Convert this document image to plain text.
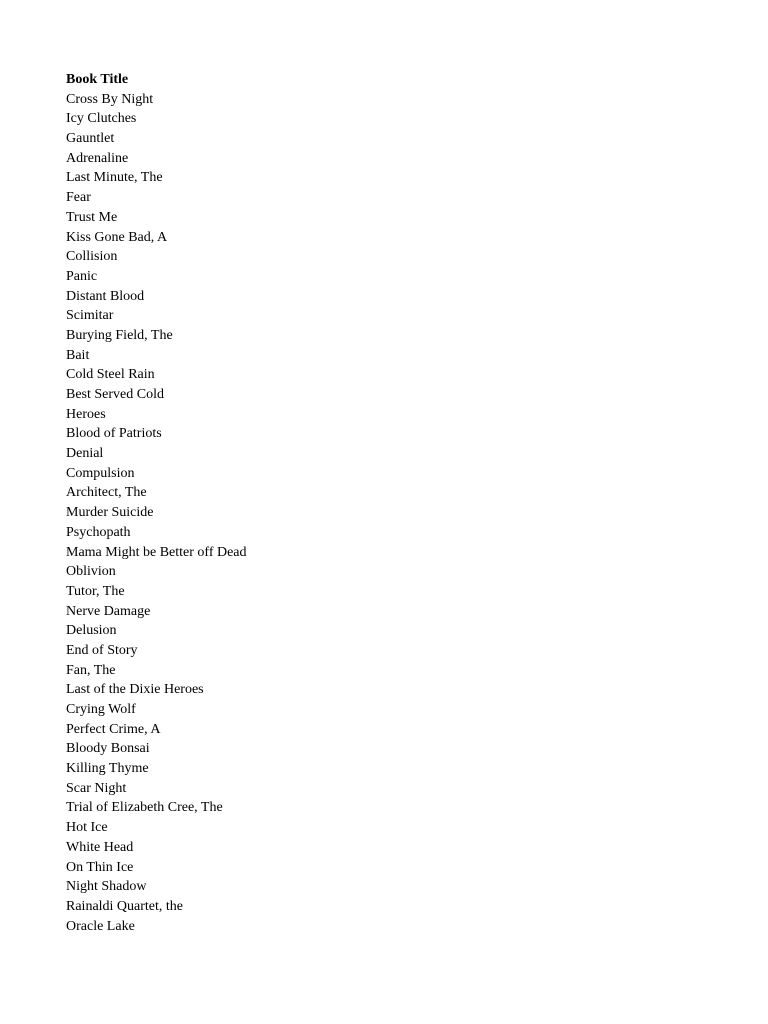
Book Title
Cross By Night
Icy Clutches
Gauntlet
Adrenaline
Last Minute, The
Fear
Trust Me
Kiss Gone Bad, A
Collision
Panic
Distant Blood
Scimitar
Burying Field, The
Bait
Cold Steel Rain
Best Served Cold
Heroes
Blood of Patriots
Denial
Compulsion
Architect, The
Murder Suicide
Psychopath
Mama Might be Better off Dead
Oblivion
Tutor, The
Nerve Damage
Delusion
End of Story
Fan, The
Last of the Dixie Heroes
Crying Wolf
Perfect Crime, A
Bloody Bonsai
Killing Thyme
Scar Night
Trial of Elizabeth Cree, The
Hot Ice
White Head
On Thin Ice
Night Shadow
Rainaldi Quartet, the
Oracle Lake
